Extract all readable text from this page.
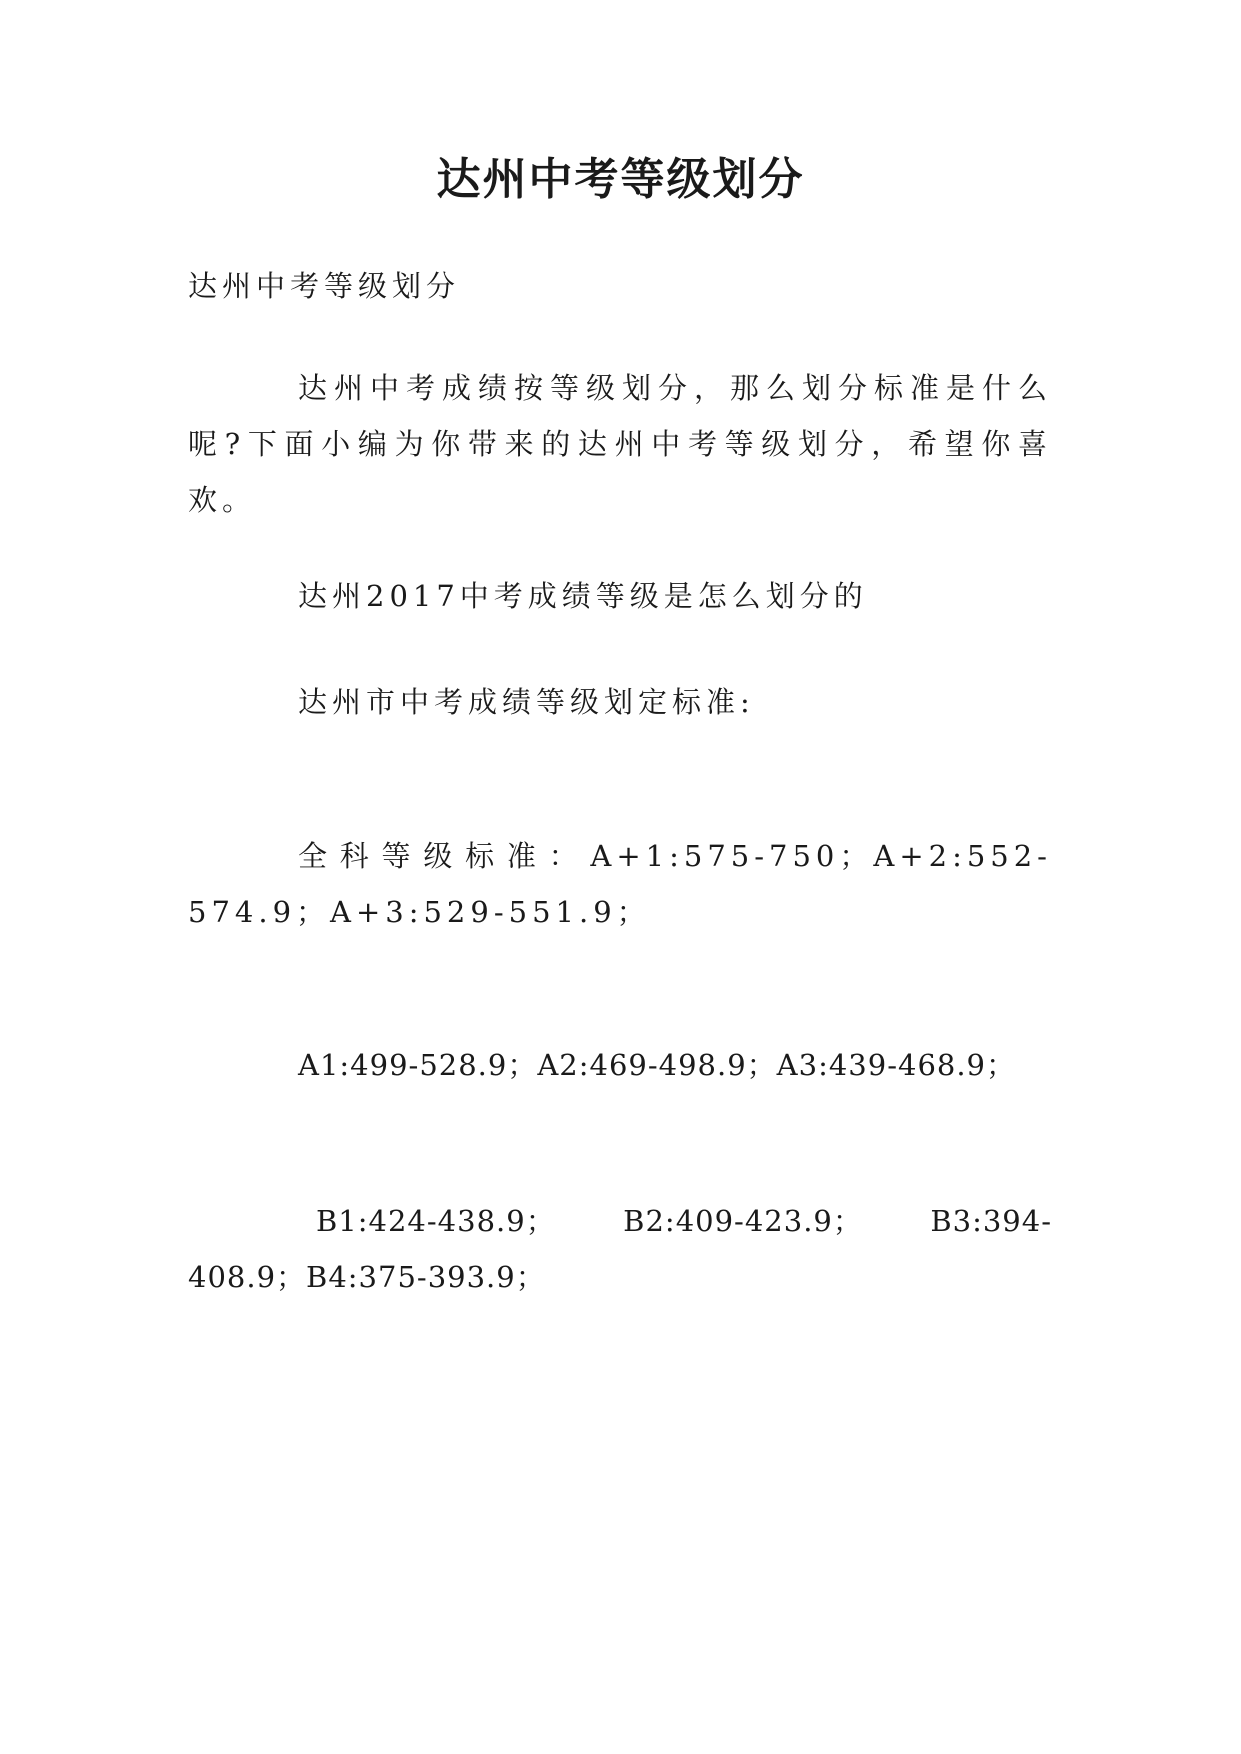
达州中考等级划分

达州中考等级划分

达州中考成绩按等级划分，那么划分标准是什么呢?下面小编为你带来的达州中考等级划分，希望你喜欢。

达州2017中考成绩等级是怎么划分的

达州市中考成绩等级划定标准:

全科等级标准：A+1:575-750；A+2:552-574.9；A+3:529-551.9；

A1:499-528.9；A2:469-498.9；A3:439-468.9；

B1:424-438.9；　B2:409-423.9；　B3:394-408.9；B4:375-393.9；
